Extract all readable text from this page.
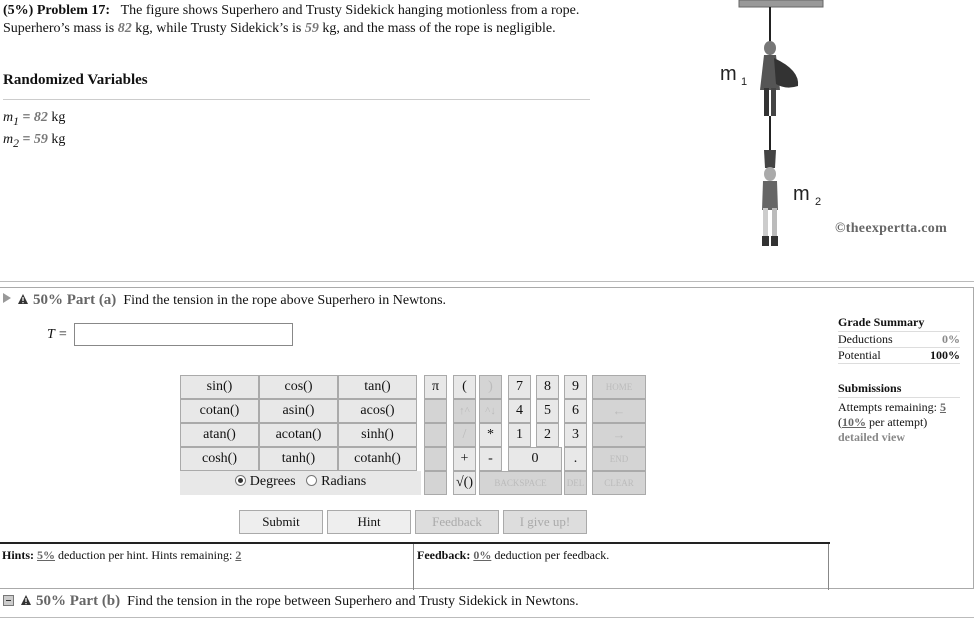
(5%) Problem 17: The figure shows Superhero and Trusty Sidekick hanging motionless from a rope. Superhero’s mass is 82 kg, while Trusty Sidekick’s is 59 kg, and the mass of the rope is negligible.
Randomized Variables
$m_1 = 82$ kg
$m_2 = 59$ kg
m 1
m 2
©theexpertta.com
50% Part (a) Find the tension in the rope above Superhero in Newtons.
T =
sin()	cos()	tan()
cotan()	asin()	acos()
atan()	acotan()	sinh()
cosh()	tanh()	cotanh()
Degrees Radians
π	(	)	7	8	9	HOME
↑^	^↓	4	5	6	←
/	*	1	2	3	→
+	-	0	.	END
√()	BACKSPACE	DEL	CLEAR
Submit	Hint	Feedback	I give up!
Hints: 5% deduction per hint. Hints remaining: 2	Feedback: 0% deduction per feedback.
Grade Summary
Deductions	0%
Potential	100%
Submissions
Attempts remaining: 5
(10% per attempt)
detailed view
50% Part (b) Find the tension in the rope between Superhero and Trusty Sidekick in Newtons.
